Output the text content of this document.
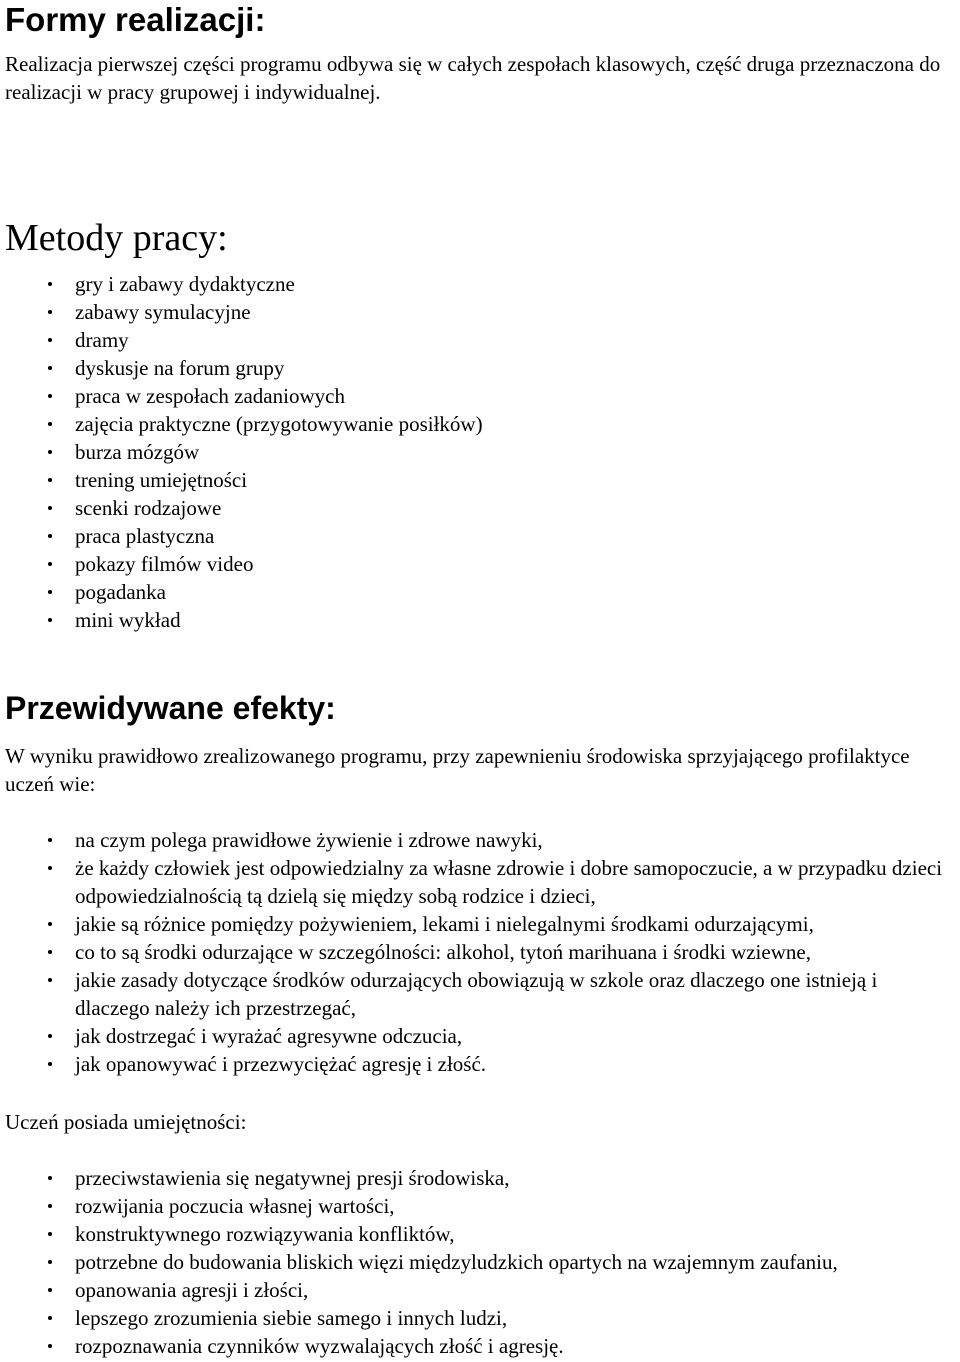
Formy realizacji:

Realizacja pierwszej części programu odbywa się w całych zespołach klasowych, część druga przeznaczona do realizacji w pracy grupowej i indywidualnej.

Metody pracy:
gry i zabawy dydaktyczne
zabawy symulacyjne
dramy
dyskusje na forum grupy
praca w zespołach zadaniowych
zajęcia praktyczne (przygotowywanie posiłków)
burza mózgów
trening umiejętności
scenki rodzajowe
praca plastyczna
pokazy filmów video
pogadanka
mini wykład
Przewidywane efekty:

W wyniku prawidłowo zrealizowanego programu, przy zapewnieniu środowiska sprzyjającego profilaktyce uczeń wie:

na czym polega prawidłowe żywienie i zdrowe nawyki,
że każdy człowiek jest odpowiedzialny za własne zdrowie i dobre samopoczucie, a w przypadku dzieci odpowiedzialnością tą dzielą się między sobą rodzice i dzieci,
jakie są różnice pomiędzy pożywieniem, lekami i nielegalnymi środkami odurzającymi,
co to są środki odurzające w szczególności: alkohol, tytoń marihuana i środki wziewne,
jakie zasady dotyczące środków odurzających obowiązują w szkole oraz dlaczego one istnieją i dlaczego należy ich przestrzegać,
jak dostrzegać i wyrażać agresywne odczucia,
jak opanowywać i przezwyciężać agresję i złość.

Uczeń posiada umiejętności:

przeciwstawienia się negatywnej presji środowiska,
rozwijania poczucia własnej wartości,
konstruktywnego rozwiązywania konfliktów,
potrzebne do budowania bliskich więzi międzyludzkich opartych na wzajemnym zaufaniu,
opanowania agresji i złości,
lepszego zrozumienia siebie samego i innych ludzi,
rozpoznawania czynników wyzwalających złość i agresję.
